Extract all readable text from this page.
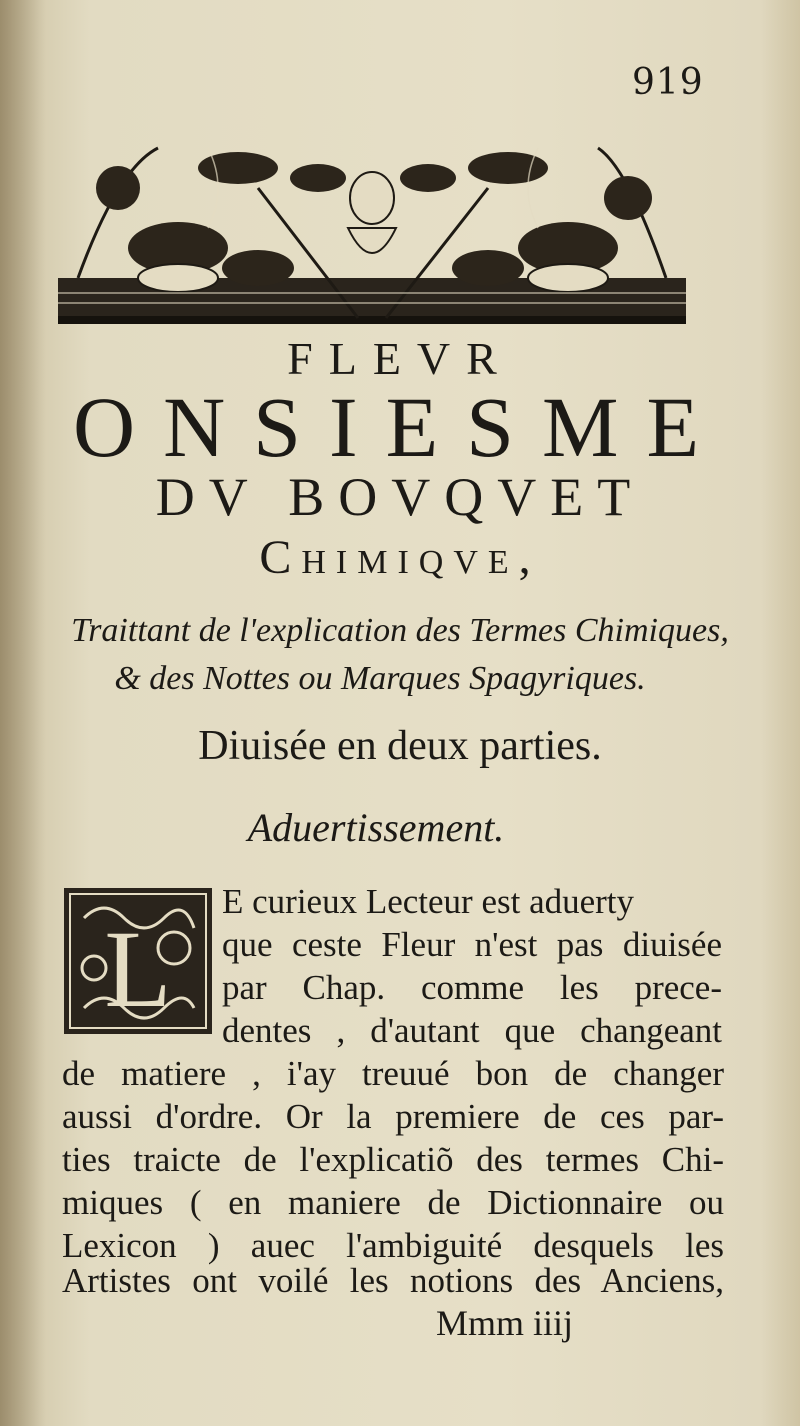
919
FLEVR
ONSIESME
DV BOVQVET
Chimiqve,
Traittant de l'explication des Termes Chimiques,
& des Nottes ou Marques Spagyriques.
Diuisée en deux parties.
Aduertissement.
L
E curieux Lecteur est aduerty
que ceste Fleur n'est pas diuisée
par Chap. comme les prece-
dentes , d'autant que changeant
de matiere , i'ay treuué bon de changer
aussi d'ordre. Or la premiere de ces par-
ties traicte de l'explicatiõ des termes Chi-
miques ( en maniere de Dictionnaire ou
Lexicon ) auec l'ambiguité desquels les
Artistes ont voilé les notions des Anciens,
Mmm iiij
